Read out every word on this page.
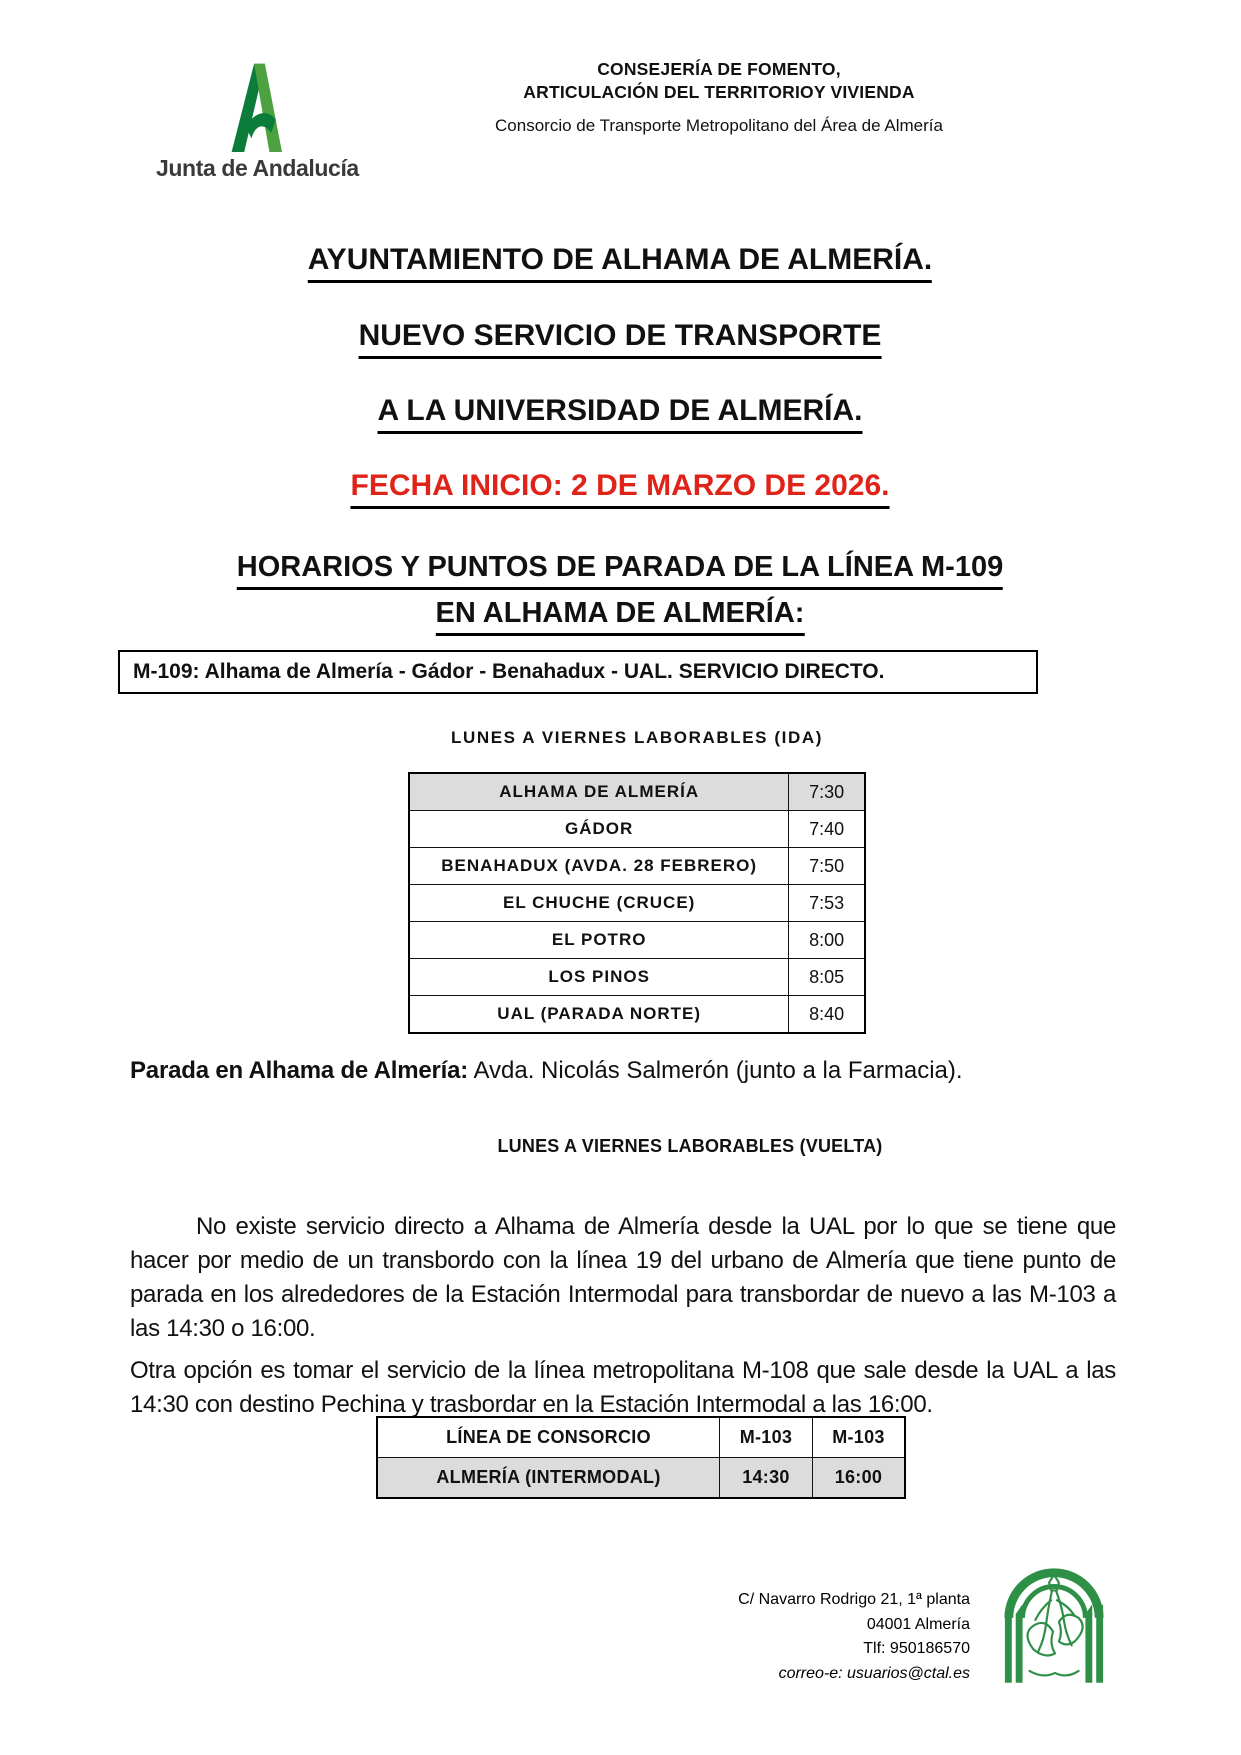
Junta de Andalucía
CONSEJERÍA DE FOMENTO,
ARTICULACIÓN DEL TERRITORIOY VIVIENDA
Consorcio de Transporte Metropolitano del Área de Almería
AYUNTAMIENTO DE ALHAMA DE ALMERÍA.
NUEVO SERVICIO DE TRANSPORTE
A LA UNIVERSIDAD DE ALMERÍA.
FECHA INICIO: 2 DE MARZO DE 2026.
HORARIOS Y PUNTOS DE PARADA DE LA LÍNEA M-109
EN ALHAMA DE ALMERÍA:
M-109: Alhama de Almería - Gádor - Benahadux - UAL. SERVICIO DIRECTO.
LUNES A VIERNES LABORABLES (IDA)
ALHAMA DE ALMERÍA	7:30
GÁDOR	7:40
BENAHADUX (AVDA. 28 FEBRERO)	7:50
EL CHUCHE (CRUCE)	7:53
EL POTRO	8:00
LOS PINOS	8:05
UAL (PARADA NORTE)	8:40
Parada en Alhama de Almería: Avda. Nicolás Salmerón (junto a la Farmacia).
LUNES A VIERNES LABORABLES (VUELTA)

No existe servicio directo a Alhama de Almería desde la UAL por lo que se tiene que hacer por medio de un transbordo con la línea 19 del urbano de Almería que tiene punto de parada en los alrededores de la Estación Intermodal para transbordar de nuevo a las M-103 a las 14:30 o 16:00.

Otra opción es tomar el servicio de la línea metropolitana M-108 que sale desde la UAL a las 14:30 con destino Pechina y trasbordar en la Estación Intermodal a las 16:00.

LÍNEA DE CONSORCIO	M-103	M-103
ALMERÍA (INTERMODAL)	14:30	16:00
C/ Navarro Rodrigo 21, 1ª planta
04001 Almería
Tlf: 950186570
correo-e: usuarios@ctal.es
